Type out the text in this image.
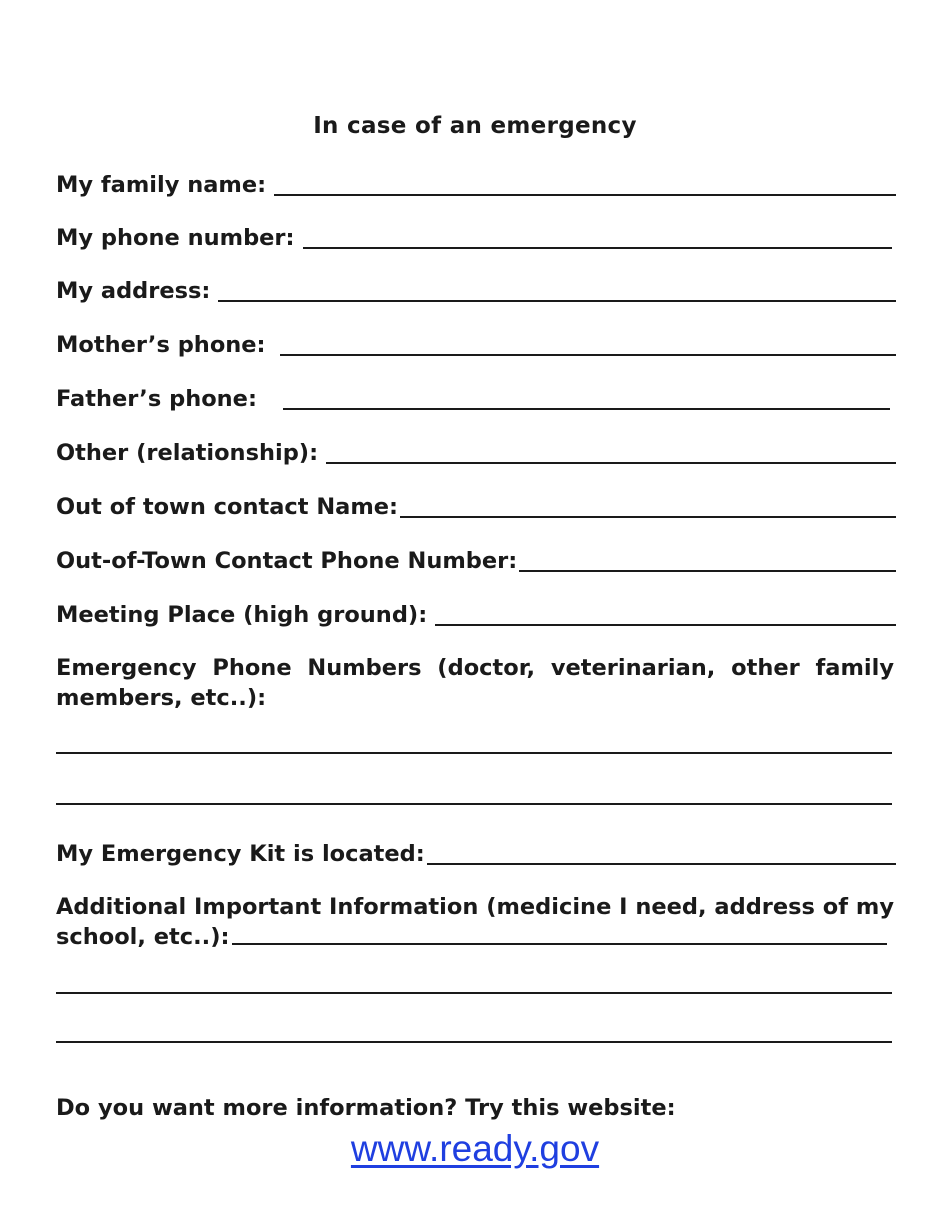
In case of an emergency
My family name:
My phone number:
My address:
Mother’s phone:
Father’s phone:
Other (relationship):
Out of town contact Name:
Out-of-Town Contact Phone Number:
Meeting Place (high ground):
Emergency Phone Numbers (doctor, veterinarian, other family members, etc..):
My Emergency Kit is located:
Additional Important Information (medicine I need, address of my school, etc..):
Do you want more information? Try this website:
www.ready.gov
